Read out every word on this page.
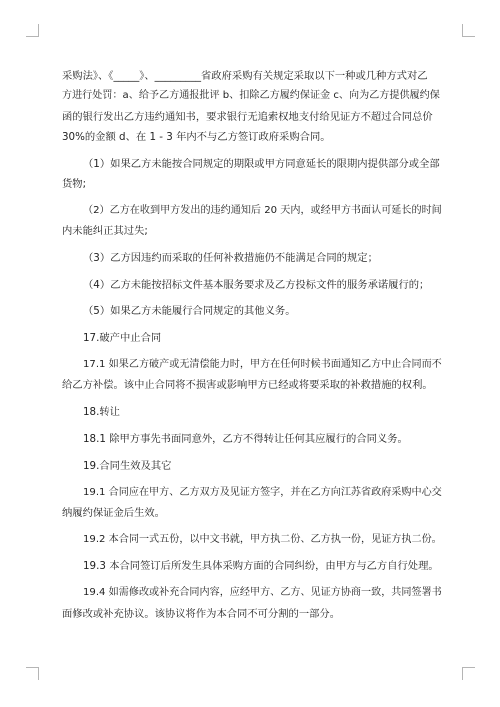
采购法》、《_____》、_________省政府采购有关规定采取以下一种或几种方式对乙

方进行处罚：a、给予乙方通报批评 b、扣除乙方履约保证金 c、向为乙方提供履约保

函的银行发出乙方违约通知书，要求银行无追索权地支付给见证方不超过合同总价

30%的金额 d、在 1 - 3 年内不与乙方签订政府采购合同。

（1）如果乙方未能按合同规定的期限或甲方同意延长的限期内提供部分或全部

货物;

（2）乙方在收到甲方发出的违约通知后 20 天内，或经甲方书面认可延长的时间

内未能纠正其过失;

（3）乙方因违约而采取的任何补救措施仍不能满足合同的规定；

（4）乙方未能按招标文件基本服务要求及乙方投标文件的服务承诺履行的；

（5）如果乙方未能履行合同规定的其他义务。

17.破产中止合同

17.1 如果乙方破产或无清偿能力时，甲方在任何时候书面通知乙方中止合同而不

给乙方补偿。该中止合同将不损害或影响甲方已经或将要采取的补救措施的权利。

18.转让

18.1 除甲方事先书面同意外，乙方不得转让任何其应履行的合同义务。

19.合同生效及其它

19.1 合同应在甲方、乙方双方及见证方签字，并在乙方向江苏省政府采购中心交

纳履约保证金后生效。

19.2 本合同一式五份，以中文书就，甲方执二份、乙方执一份，见证方执二份。

19.3 本合同签订后所发生具体采购方面的合同纠纷，由甲方与乙方自行处理。

19.4 如需修改或补充合同内容，应经甲方、乙方、见证方协商一致，共同签署书

面修改或补充协议。该协议将作为本合同不可分割的一部分。
